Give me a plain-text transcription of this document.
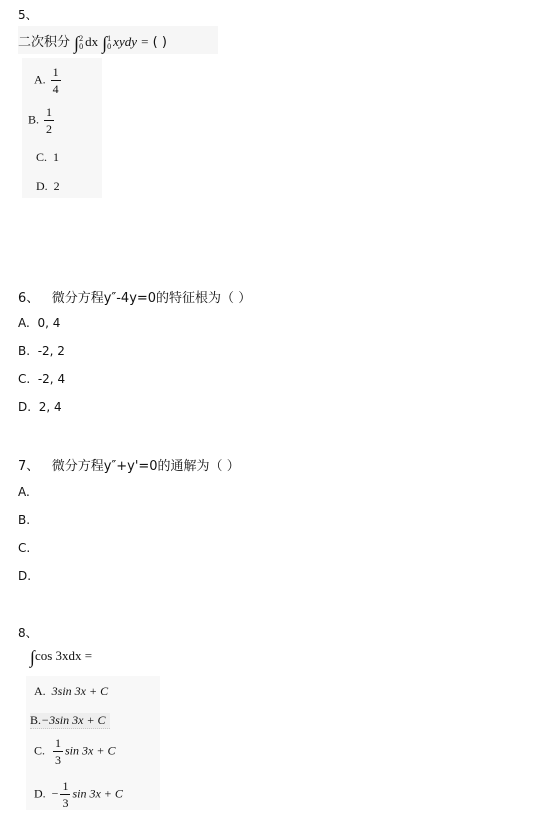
5、
二次积分 ∫ 2
0 dx ∫ 1
0 xydy = ( )
A. $\frac{1}{4}$
B. $\frac{1}{2}$
C. 1
D. 2
6、 微分方程y″-4y=0的特征根为（ ）
A. 0, 4
B. -2, 2
C. -2, 4
D. 2, 4
7、 微分方程y″+y'=0的通解为（ ）
A.
B.
C.
D.
8、
∫cos 3xdx =
A. 3sin 3x + C
B.−3sin 3x + C
C. $\frac{1}{3}$ sin 3x + C
D. − $\frac{1}{3}$ sin 3x + C
